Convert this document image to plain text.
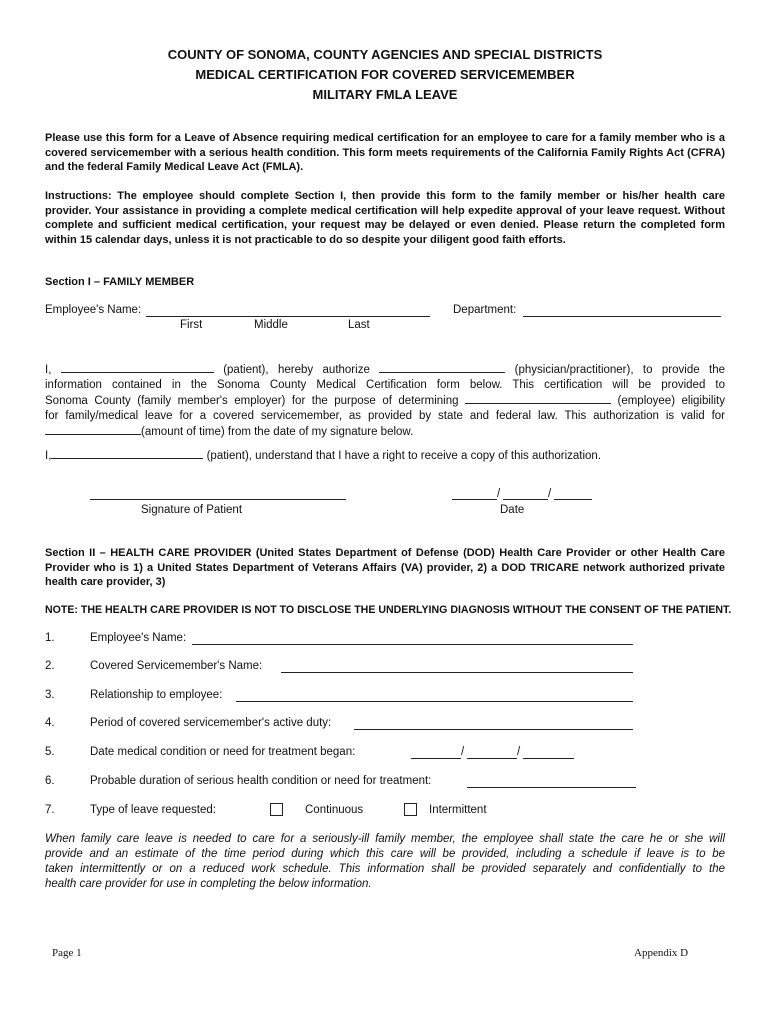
COUNTY OF SONOMA, COUNTY AGENCIES AND SPECIAL DISTRICTS
MEDICAL CERTIFICATION FOR COVERED SERVICEMEMBER
MILITARY FMLA LEAVE
Please use this form for a Leave of Absence requiring medical certification for an employee to care for a family member who is a covered servicemember with a serious health condition. This form meets requirements of the California Family Rights Act (CFRA) and the federal Family Medical Leave Act (FMLA).
Instructions: The employee should complete Section I, then provide this form to the family member or his/her health care provider. Your assistance in providing a complete medical certification will help expedite approval of your leave request. Without complete and sufficient medical certification, your request may be delayed or even denied. Please return the completed form within 15 calendar days, unless it is not practicable to do so despite your diligent good faith efforts.
Section I – FAMILY MEMBER
Employee's Name:	Department:
First	Middle	Last
I,	(patient), hereby authorize	(physician/practitioner), to provide the
information contained in the Sonoma County Medical Certification form below. This certification will be provided to
Sonoma County (family member's employer) for the purpose of determining	(employee) eligibility
for family/medical leave for a covered servicemember, as provided by state and federal law. This authorization is valid for
(amount of time) from the date of my signature below.
I,	(patient), understand that I have a right to receive a copy of this authorization.
Signature of Patient
/	/
Date
Section II – HEALTH CARE PROVIDER (United States Department of Defense (DOD) Health Care Provider or other Health Care Provider who is 1) a United States Department of Veterans Affairs (VA) provider, 2) a DOD TRICARE network authorized private health care provider, 3)
NOTE: THE HEALTH CARE PROVIDER IS NOT TO DISCLOSE THE UNDERLYING DIAGNOSIS WITHOUT THE CONSENT OF THE PATIENT.
1.	Employee's Name:
2.	Covered Servicemember's Name:
3.	Relationship to employee:
4.	Period of covered servicemember's active duty:
5.	Date medical condition or need for treatment began:	/	/
6.	Probable duration of serious health condition or need for treatment:
7.	Type of leave requested:	Continuous	Intermittent
When family care leave is needed to care for a seriously-ill family member, the employee shall state the care he or she will
provide and an estimate of the time period during which this care will be provided, including a schedule if leave is to be
taken intermittently or on a reduced work schedule. This information shall be provided separately and confidentially to the
health care provider for use in completing the below information.
Page 1	Appendix D
